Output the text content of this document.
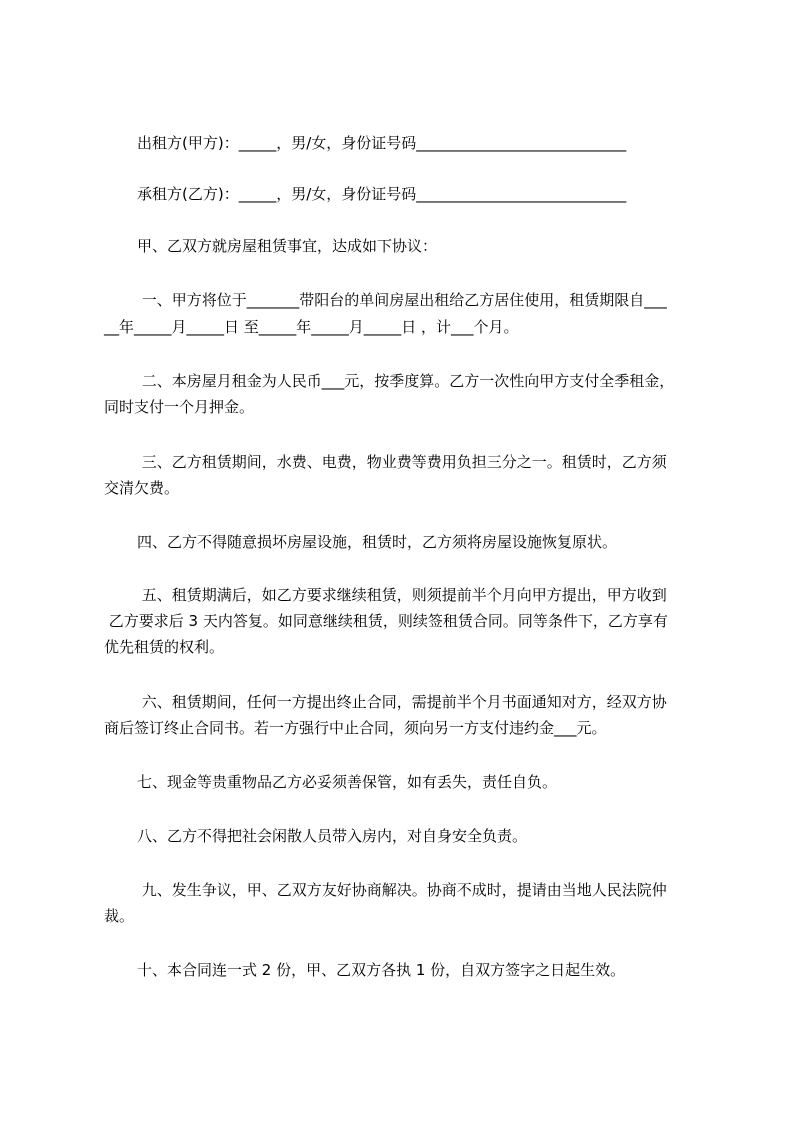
出租方(甲方)：_____，男/女，身份证号码____________________________
承租方(乙方)：_____，男/女，身份证号码____________________________
甲、乙双方就房屋租赁事宜，达成如下协议：
一、甲方将位于_______带阳台的单间房屋出租给乙方居住使用，租赁期限自___
__年_____月_____日 至_____年_____月_____日 ，计___个月。
二、本房屋月租金为人民币___元，按季度算。乙方一次性向甲方支付全季租金，
同时支付一个月押金。
三、乙方租赁期间，水费、电费，物业费等费用负担三分之一。租赁时，乙方须
交清欠费。
四、乙方不得随意损坏房屋设施，租赁时，乙方须将房屋设施恢复原状。
五、租赁期满后，如乙方要求继续租赁，则须提前半个月向甲方提出，甲方收到
乙方要求后 3 天内答复。如同意继续租赁，则续签租赁合同。同等条件下，乙方享有
优先租赁的权利。
六、租赁期间，任何一方提出终止合同，需提前半个月书面通知对方，经双方协
商后签订终止合同书。若一方强行中止合同，须向另一方支付违约金___元。
七、现金等贵重物品乙方必妥须善保管，如有丢失，责任自负。
八、乙方不得把社会闲散人员带入房内，对自身安全负责。
九、发生争议，甲、乙双方友好协商解决。协商不成时，提请由当地人民法院仲
裁。
十、本合同连一式 2 份，甲、乙双方各执 1 份，自双方签字之日起生效。
